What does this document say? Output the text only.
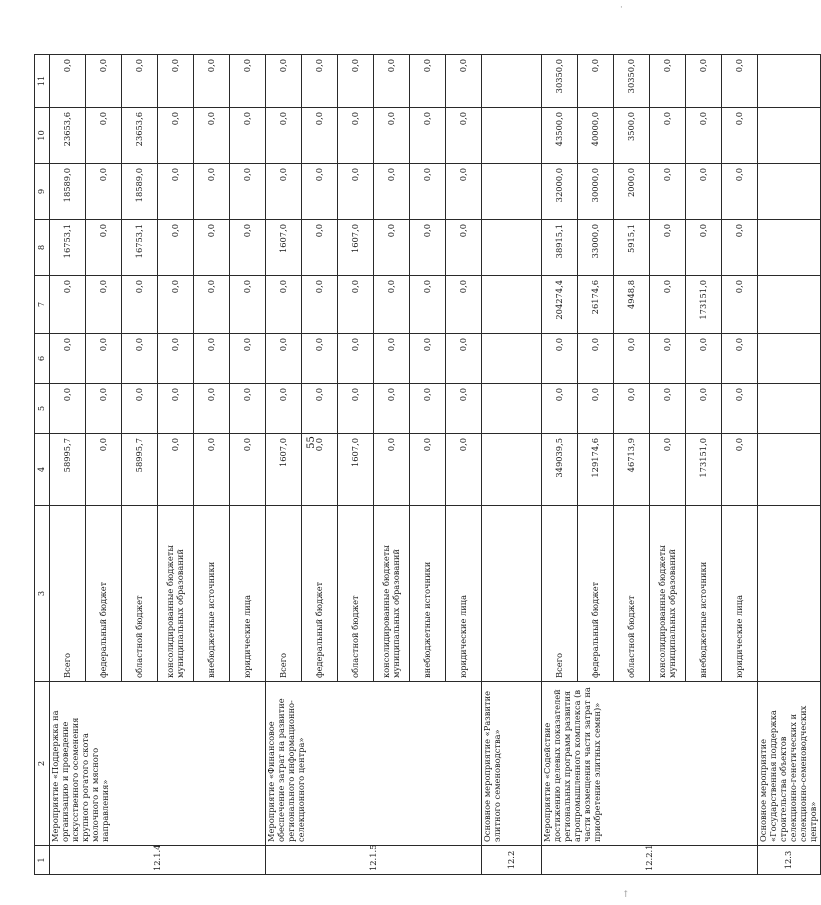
55
·
↑
1	2	3	4	5	6	7	8	9	10	11
12.1.4	Мероприятие «Поддержка на организацию и проведение искусственного осеменения крупного рогатого скота молочного и мясного направления»	Всего	58995,7	0,0	0,0	0,0	16753,1	18589,0	23653,6	0,0
		федеральный бюджет	0,0	0,0	0,0	0,0	0,0	0,0	0,0	0,0
		областной бюджет	58995,7	0,0	0,0	0,0	16753,1	18589,0	23653,6	0,0
		консолидированные бюджеты муниципальных образований	0,0	0,0	0,0	0,0	0,0	0,0	0,0	0,0
		внебюджетные источники	0,0	0,0	0,0	0,0	0,0	0,0	0,0	0,0
		юридические лица	0,0	0,0	0,0	0,0	0,0	0,0	0,0	0,0
12.1.5	Мероприятие «Финансовое обеспечение затрат на развитие регионального информационно-селекционного центра»	Всего	1607,0	0,0	0,0	0,0	1607,0	0,0	0,0	0,0
		федеральный бюджет	0,0	0,0	0,0	0,0	0,0	0,0	0,0	0,0
		областной бюджет	1607,0	0,0	0,0	0,0	1607,0	0,0	0,0	0,0
		консолидированные бюджеты муниципальных образований	0,0	0,0	0,0	0,0	0,0	0,0	0,0	0,0
		внебюджетные источники	0,0	0,0	0,0	0,0	0,0	0,0	0,0	0,0
		юридические лица	0,0	0,0	0,0	0,0	0,0	0,0	0,0	0,0
12.2	Основное мероприятие «Развитие элитного семеноводства»									
12.2.1	Мероприятие «Содействие достижению целевых показателей региональных программ развития агропромышленного комплекса (в части возмещения части затрат на приобретение элитных семян)»	Всего	349039,5	0,0	0,0	204274,4	38915,1	32000,0	43500,0	30350,0
		федеральный бюджет	129174,6	0,0	0,0	26174,6	33000,0	30000,0	40000,0	0,0
		областной бюджет	46713,9	0,0	0,0	4948,8	5915,1	2000,0	3500,0	30350,0
		консолидированные бюджеты муниципальных образований	0,0	0,0	0,0	0,0	0,0	0,0	0,0	0,0
		внебюджетные источники	173151,0	0,0	0,0	173151,0	0,0	0,0	0,0	0,0
		юридические лица	0,0	0,0	0,0	0,0	0,0	0,0	0,0	0,0
12.3	Основное мероприятие «Государственная поддержка строительства объектов селекционно-генетических и селекционно-семеноводческих центров»									
